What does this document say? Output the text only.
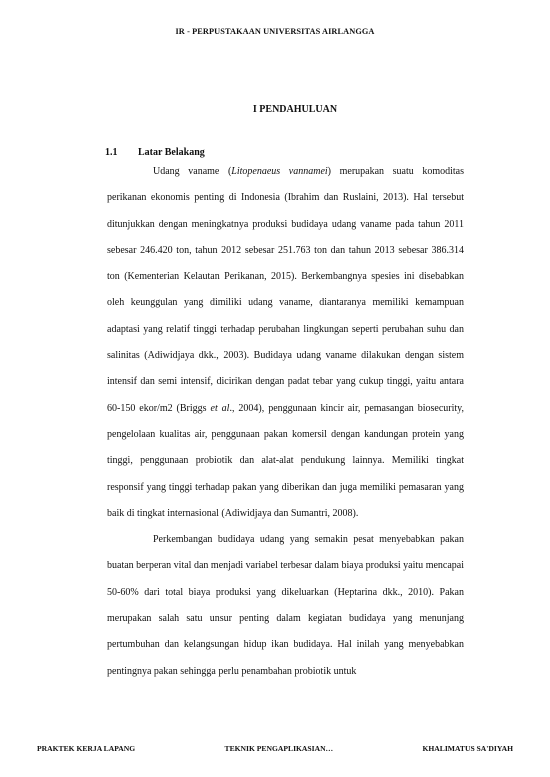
IR - PERPUSTAKAAN UNIVERSITAS AIRLANGGA
I PENDAHULUAN
1.1 Latar Belakang

Udang vaname (Litopenaeus vannamei) merupakan suatu komoditas perikanan ekonomis penting di Indonesia (Ibrahim dan Ruslaini, 2013). Hal tersebut ditunjukkan dengan meningkatnya produksi budidaya udang vaname pada tahun 2011 sebesar 246.420 ton, tahun 2012 sebesar 251.763 ton dan tahun 2013 sebesar 386.314 ton (Kementerian Kelautan Perikanan, 2015). Berkembangnya spesies ini disebabkan oleh keunggulan yang dimiliki udang vaname, diantaranya memiliki kemampuan adaptasi yang relatif tinggi terhadap perubahan lingkungan seperti perubahan suhu dan salinitas (Adiwidjaya dkk., 2003). Budidaya udang vaname dilakukan dengan sistem intensif dan semi intensif, dicirikan dengan padat tebar yang cukup tinggi, yaitu antara 60-150 ekor/m2 (Briggs et al., 2004), penggunaan kincir air, pemasangan biosecurity, pengelolaan kualitas air, penggunaan pakan komersil dengan kandungan protein yang tinggi, penggunaan probiotik dan alat-alat pendukung lainnya. Memiliki tingkat responsif yang tinggi terhadap pakan yang diberikan dan juga memiliki pemasaran yang baik di tingkat internasional (Adiwidjaya dan Sumantri, 2008).

Perkembangan budidaya udang yang semakin pesat menyebabkan pakan buatan berperan vital dan menjadi variabel terbesar dalam biaya produksi yaitu mencapai 50-60% dari total biaya produksi yang dikeluarkan (Heptarina dkk., 2010). Pakan merupakan salah satu unsur penting dalam kegiatan budidaya yang menunjang pertumbuhan dan kelangsungan hidup ikan budidaya. Hal inilah yang menyebabkan pentingnya pakan sehingga perlu penambahan probiotik untuk

PRAKTEK KERJA LAPANG	TEKNIK PENGAPLIKASIAN…	KHALIMATUS SA'DIYAH
